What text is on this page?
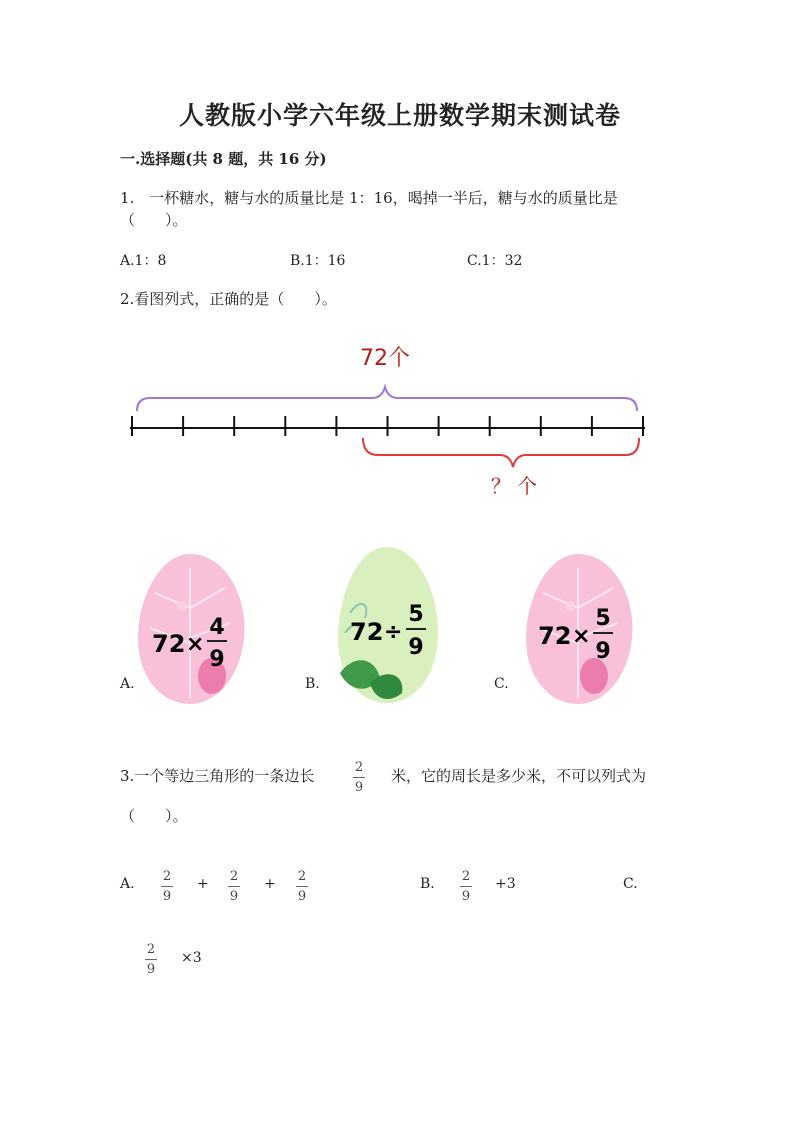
人教版小学六年级上册数学期末测试卷
一.选择题(共 8 题，共 16 分)
1.　一杯糖水，糖与水的质量比是 1：16，喝掉一半后，糖与水的质量比是
（　　）。
A.1：8	B.1：16	C.1：32
2.看图列式，正确的是（　　）。
72个
？ 个
A.
72 ×
4
9
B.
72 ÷
5
9
C.
72 ×
5
9
3.一个等边三角形的一条边长	2
9
米，它的周长是多少米，不可以列式为
（　　）。
A. 2
9
+ 2
9
+ 2
9
B. 2
9
+3	C.
2
9
×3
